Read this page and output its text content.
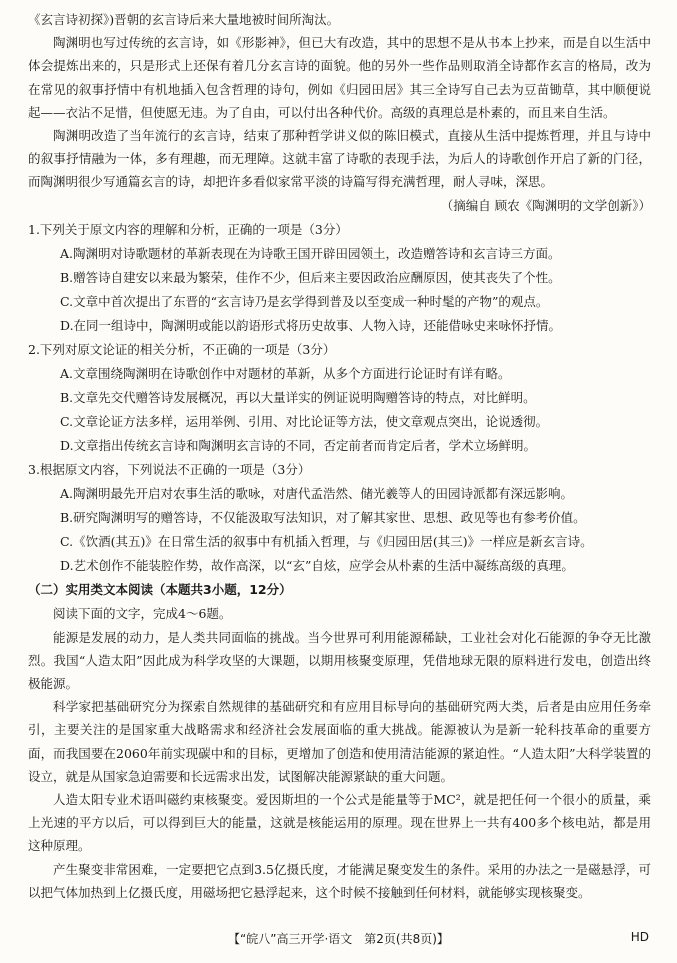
《玄言诗初探》)晋朝的玄言诗后来大量地被时间所淘汰。

陶渊明也写过传统的玄言诗，如《形影神》，但已大有改造，其中的思想不是从书本上抄来，而是自以生活中体会提炼出来的，只是形式上还保有着几分玄言诗的面貌。他的另外一些作品则取消全诗都作玄言的格局，改为在常见的叙事抒情中有机地插入包含哲理的诗句，例如《归园田居》其三全诗写自己去为豆苗锄草，其中顺便说起——衣沾不足惜，但使愿无违。为了自由，可以付出各种代价。高级的真理总是朴素的，而且来自生活。

陶渊明改造了当年流行的玄言诗，结束了那种哲学讲义似的陈旧模式，直接从生活中提炼哲理，并且与诗中的叙事抒情融为一体，多有理趣，而无理障。这就丰富了诗歌的表现手法，为后人的诗歌创作开启了新的门径，而陶渊明很少写通篇玄言的诗，却把许多看似家常平淡的诗篇写得充满哲理，耐人寻味，深思。

（摘编自 顾农《陶渊明的文学创新》）

1.下列关于原文内容的理解和分析，正确的一项是（3分）

A.陶渊明对诗歌题材的革新表现在为诗歌王国开辟田园领土，改造赠答诗和玄言诗三方面。

B.赠答诗自建安以来最为繁荣，佳作不少，但后来主要因政治应酬原因，使其丧失了个性。

C.文章中首次提出了东晋的“玄言诗乃是玄学得到普及以至变成一种时髦的产物”的观点。

D.在同一组诗中，陶渊明或能以韵语形式将历史故事、人物入诗，还能借咏史来咏怀抒情。

2.下列对原文论证的相关分析，不正确的一项是（3分）

A.文章围绕陶渊明在诗歌创作中对题材的革新，从多个方面进行论证时有详有略。

B.文章先交代赠答诗发展概况，再以大量详实的例证说明陶赠答诗的特点，对比鲜明。

C.文章论证方法多样，运用举例、引用、对比论证等方法，使文章观点突出，论说透彻。

D.文章指出传统玄言诗和陶渊明玄言诗的不同，否定前者而肯定后者，学术立场鲜明。

3.根据原文内容，下列说法不正确的一项是（3分）

A.陶渊明最先开启对农事生活的歌咏，对唐代孟浩然、储光羲等人的田园诗派都有深远影响。

B.研究陶渊明写的赠答诗，不仅能汲取写法知识，对了解其家世、思想、政见等也有参考价值。

C.《饮酒(其五)》在日常生活的叙事中有机插入哲理，与《归园田居(其三)》一样应是新玄言诗。

D.艺术创作不能装腔作势，故作高深，以“玄”自炫，应学会从朴素的生活中凝练高级的真理。

（二）实用类文本阅读（本题共3小题，12分）

阅读下面的文字，完成4～6题。

能源是发展的动力，是人类共同面临的挑战。当今世界可利用能源稀缺，工业社会对化石能源的争夺无比激烈。我国“人造太阳”因此成为科学攻坚的大课题，以期用核聚变原理，凭借地球无限的原料进行发电，创造出终极能源。

科学家把基础研究分为探索自然规律的基础研究和有应用目标导向的基础研究两大类，后者是由应用任务牵引，主要关注的是国家重大战略需求和经济社会发展面临的重大挑战。能源被认为是新一轮科技革命的重要方面，而我国要在2060年前实现碳中和的目标，更增加了创造和使用清洁能源的紧迫性。“人造太阳”大科学装置的设立，就是从国家急迫需要和长远需求出发，试图解决能源紧缺的重大问题。

人造太阳专业术语叫磁约束核聚变。爱因斯坦的一个公式是能量等于MC²，就是把任何一个很小的质量，乘上光速的平方以后，可以得到巨大的能量，这就是核能运用的原理。现在世界上一共有400多个核电站，都是用这种原理。

产生聚变非常困难，一定要把它点到3.5亿摄氏度，才能满足聚变发生的条件。采用的办法之一是磁悬浮，可以把气体加热到上亿摄氏度，用磁场把它悬浮起来，这个时候不接触到任何材料，就能够实现核聚变。

【“皖八”高三开学·语文　第2页(共8页)】	HD
